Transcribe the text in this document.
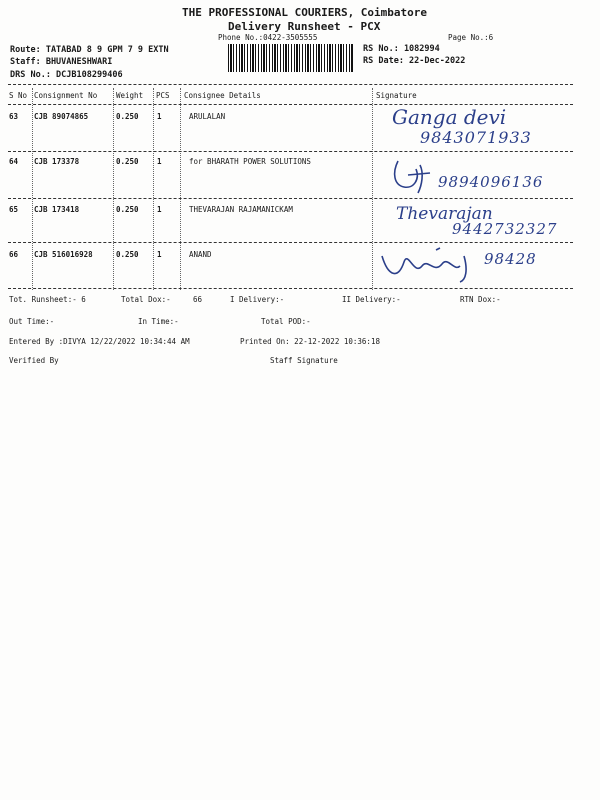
THE PROFESSIONAL COURIERS, Coimbatore
Delivery Runsheet - PCX
Phone No.:0422-3505555	Page No.:6
Route: TATABAD 8 9 GPM 7 9 EXTN
Staff: BHUVANESHWARI
DRS No.: DCJB108299406
RS No.: 1082994
RS Date: 22-Dec-2022
S No Consignment No	Weight PCS Consignee Details	Signature
63 CJB 89074865	0.250 1	ARULALAN	Ganga devi
9843071933
64 CJB 173378	0.250 1	for BHARATH POWER SOLUTIONS
9894096136
65 CJB 173418	0.250 1	THEVARAJAN RAJAMANICKAM	Thevarajan
9442732327
66 CJB 516016928	0.250 1	ANAND	98428
Tot. Runsheet:- 6	Total Dox:-	66	I Delivery:-	II Delivery:-	RTN Dox:-
Out Time:-	In Time:-	Total POD:-
Entered By :DIVYA 12/22/2022 10:34:44 AM	Printed On: 22-12-2022 10:36:18
Verified By	Staff Signature
